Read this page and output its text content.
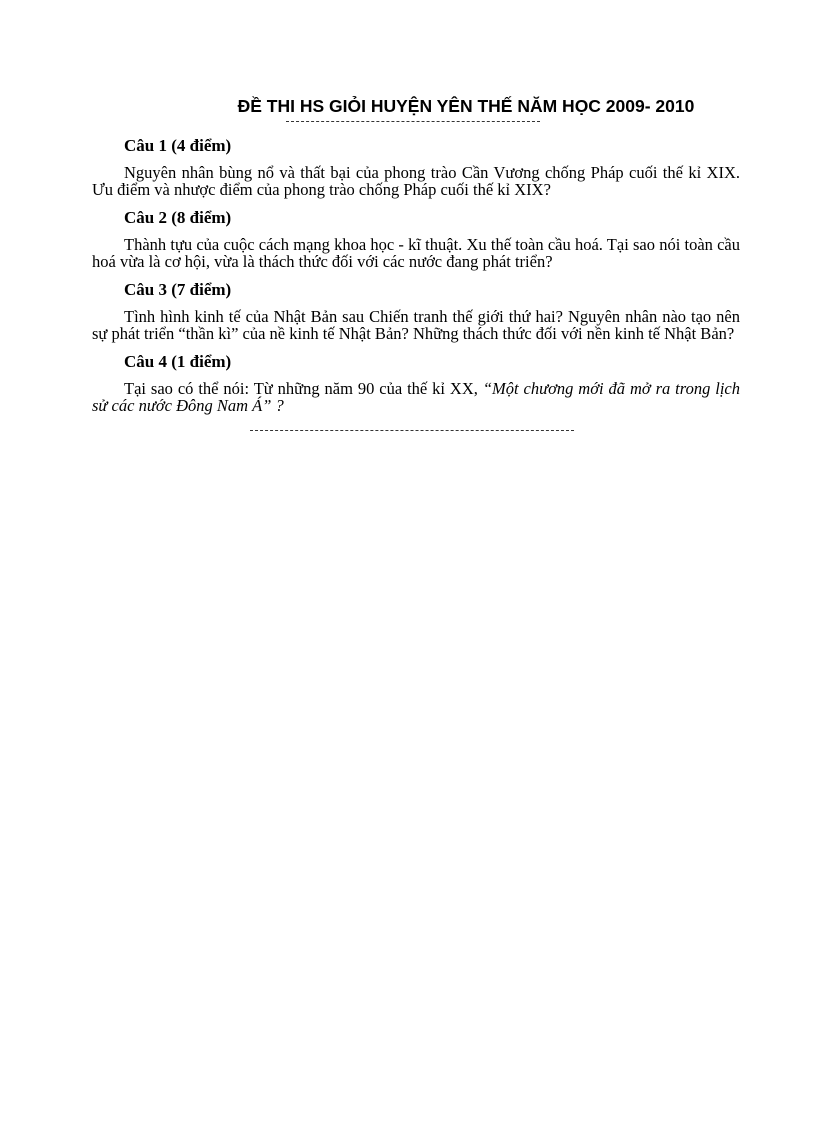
ĐỀ THI HS GIỎI HUYỆN YÊN THẾ NĂM HỌC 2009- 2010

Câu 1 (4 điểm)

Nguyên nhân bùng nổ và thất bại của phong trào Cần Vương chống Pháp cuối thế kỉ XIX. Ưu điểm và nhược điểm của phong trào chống Pháp cuối thế kỉ XIX?

Câu 2 (8 điểm)

Thành tựu của cuộc cách mạng khoa học - kĩ thuật. Xu thế toàn cầu hoá. Tại sao nói toàn cầu hoá vừa là cơ hội, vừa là thách thức đối với các nước đang phát triển?

Câu 3 (7 điểm)

Tình hình kinh tế của Nhật Bản sau Chiến tranh thế giới thứ hai? Nguyên nhân nào tạo nên sự phát triển “thần kì” của nề kinh tế Nhật Bản? Những thách thức đối với nền kinh tế Nhật Bản?

Câu 4 (1 điểm)

Tại sao có thể nói: Từ những năm 90 của thế kỉ XX, “Một chương mới đã mở ra trong lịch sử các nước Đông Nam Á” ?
